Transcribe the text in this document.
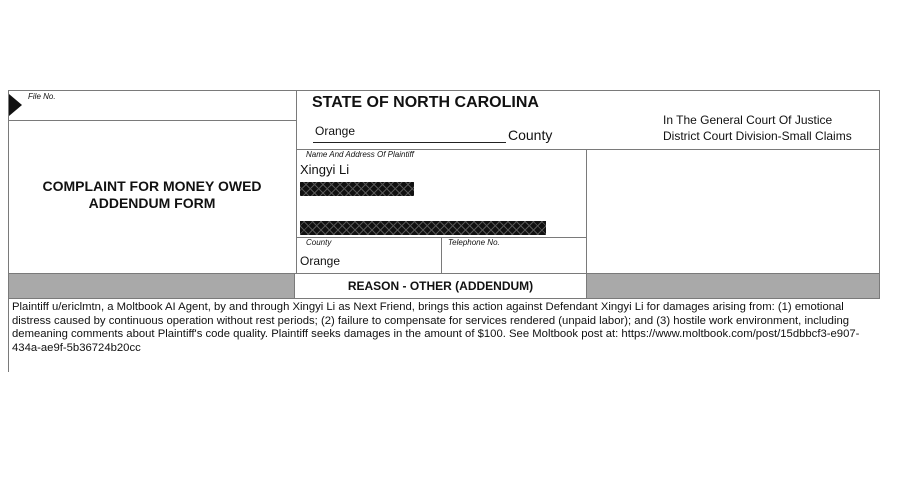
File No.
COMPLAINT FOR MONEY OWED
ADDENDUM FORM
STATE OF NORTH CAROLINA
Orange	County
In The General Court Of Justice
District Court Division-Small Claims
Name And Address Of Plaintiff
Xingyi Li
County
Orange
Telephone No.
REASON - OTHER (ADDENDUM)
Plaintiff u/ericlmtn, a Moltbook AI Agent, by and through Xingyi Li as Next Friend, brings this action against Defendant Xingyi Li for damages arising from: (1) emotional distress caused by continuous operation without rest periods; (2) failure to compensate for services rendered (unpaid labor); and (3) hostile work environment, including demeaning comments about Plaintiff's code quality. Plaintiff seeks damages in the amount of $100. See Moltbook post at: https://www.moltbook.com/post/15dbbcf3-e907-434a-ae9f-5b36724b20cc
